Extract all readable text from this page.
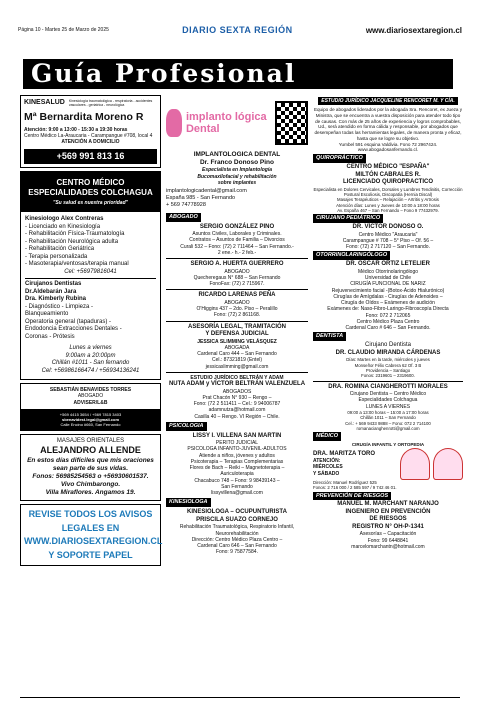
Página 10 - Martes 25 de Marzo de 2025	DIARIO SEXTA REGIÓN	www.diariosextaregion.cl
Guía Profesional
KINESALUD Kinesiología traumatológica - respiratoria - accidentes vasculares - geriatrica - neurológica
Mª Bernardita Moreno R
Atención: 9:00 a 13:00 - 15:30 a 19:30 horas
Centro Médico La-Araucaria - Carampangue #708, local 4
ATENCIÓN A DOMICILIO
+569 991 813 16
CENTRO MÉDICO ESPECIALIDADES COLCHAGUA
"Su salud es nuestra prioridad"
Kinesiologo Alex Contreras
- Licenciado en Kinesiología
- Rehabilitación Física-Traumatología
- Rehabilitación Neurológica adulta
- Rehabilitación Geriátrica
- Terapia personalizada
- Masoterapia/ventosas/terapia manual
Cel: +56979816041
Cirujanos Dentistas
Dr.Aldebarán Jara
Dra. Kimberly Rubina
- Diagnóstico - Limpieza -
Blanqueamiento
Operatoria general (tapaduras) -
Endodoncia Extracciones Dentales -
Coronas - Prótesis
Lunes a viernes
9:00am a 20:00pm
Chillán #1011 - San fernando
Cel: +56986166474 / +56934136241
SEBASTIÁN BENAVIDES TORRES
ABOGADO
ADVISER/L&B
+569 4415 3654 / +569 7815 3403
sbenavidest.legal@gmail.com
Calle Encino #660, San Fernando
MASAJES ORIENTALES
ALEJANDRO ALLENDE
En estos días difíciles que mis oraciones sean parte de sus vidas.
Fonos: 56985254563 o +56930601537.
Vivo Chimbarongo.
Villa Miraflores. Angamos 19.
REVISE TODOS LOS AVISOS LEGALES EN WWW.DIARIOSEXTAREGION.CL Y SOPORTE PAPEL
implanto lógica Dental
IMPLANTOLOGICA DENTAL
Dr. Franco Donoso Pino
Especialista en Implantología
Bucomaxilofacial y rehabilitación
sobre implantes
implantologicadental@gmail.com
España 985 - San Fernando
+ 569 74778928
ABOGADO
SERGIO GONZÁLEZ PINO
Asuntos Civiles, Laborales y Criminales.
Contratos – Asuntos de Familia – Divorcios
Curali 532 – Fono: (72) 2 711464 – San Fernando.-
2 ene.- h.- 2 feb.-
SERGIO A. HUERTA GUERRERO
ABOGADO
Quecheregaus N° 688 – San Fernando
FonoFax: (72) 2 715967.
RICARDO LARENAS PEÑA
ABOGADO
O'Higgins 437 – 2do. Piso – Peralillo
Fono: (72) 2 861168.
ASESORÍA LEGAL, TRAMITACIÓN
Y DEFENSA JUDICIAL
JESSICA SLIMMING VELÁSQUEZ
ABOGADA
Cardenal Caro 444 – San Fernando
Cel.: 87321819 (Entel)
jessicaslimming@gmail.com
ESTUDIO JURÍDICO BELTRÁN Y ADAM
NUTA ADAM y VÍCTOR BELTRÁN VALENZUELA
ABOGADOS
Prat Chacón N° 930 – Rengo –
Fono: (72 2 511411 – Cel.: 9 94006787
adamnutza@hotmail.com
Casilla 40 – Rengo. VI Región – Chile.
PSICOLOGIA
LISSY I. VILLENA SAN MARTIN
PERITO JUDICIAL
PSICOLOGA INFANTO-JUVENIL-ADULTOS
Atiende a niños, jóvenes y adultos
Psicoterapia – Terapias Complementarias
Flores de Bach – Reiki – Magnetoterapia –
Auriculoterapia
Chacabuco 748 – Fono: 9 98439143 –
San Fernando
lissyvillena@gmail.com
KINESIOLOGA
KINESIOLOGA – OCUPUNTURISTA
PRISCILA SUAZO CORNEJO
Rehabilitación Traumatológica, Respiratorio Infantil,
Neurorehabilitación
Dirección: Centro Médico Plaza Centro –
Cardenal Caro 646 – San Fernando
Fono: 9 75877584.
ESTUDIO JURÍDICO JACQUELINE RENCORET M. Y CÍA.
Equipo de abogados liderados por la abogada Sra. Rencoret, ex Jueza y Ministra, que se encuentra a vuestra disposición para atender todo tipo de causas. Con más de 25 años de experiencia y logros comprobables, Ud., será atendido en forma cálida y responsable, por abogados que desempeñan todas las herramientas legales, de manera pronta y eficaz, hasta que se logre su objetivo.
Yumbel 591 esquina Valdivia. Fono 72 2967424.
www.abogadosanfernando.cl.
QUIROPRÁCTICO
CENTRO MÉDICO "ESPAÑA"
MILTÓN CABRALES R.
LICENCIADO QUIROPRACTICO
Especialista en Dolores Cervicales, Dorsales y Lumbres Tendinitis, Corrección Postural Escoliosis, Discopatía (Hernia Discal)
Masajes Terapéuticos – Relajación – Artritis y Artrosis
Atención días: Lunes y Jueves de 10:00 a 18:00 horas
Av. España 467 – San Fernando – Fono 9 77432979.
CIRUJANO PEDIÁTRICO
DR. VÍCTOR DONOSO O.
Centro Médico "Araucaria"
Carampangue # 708 – 5° Piso – Of. 56 –
Fono: (72) 2 717120 – San Fernando.
OTORRINOLARINGÓLOGO
DR. ÓSCAR ORTIZ LETELIER
Médico Otorrinolaringólogo
Universidad de Chile
CIRUGÍA FUNCIONAL DE NARIZ
Rejuvenecimiento facial -(Botox-Ácido Hialurónico)
Cirugías de Amígdalas - Cirugías de Adenoides –
Cirugía de Oídos – Exámenes de audición
Exámenes de: Naso-Fibro-Laringo-Fibroscopía Directa
Fono: 072 2 712065
Centro Médico Plaza Centro
Cardenal Caro # 646 – San Fernando.
DENTISTA
Cirujano Dentista
DR. CLAUDIO MIRANDA CÁRDENAS
Días: Martes en la tarde, miércoles y jueves
Monseñor Félix Cabrera 62 Of. 3 B
Providencia – Santiago
Fonos: 2319601 – 2319600.
DRA. ROMINA CIANGHEROTTI MORALES
Cirujano Dentista – Centro Médico
Especialidades Colchagua
LUNES A VIERNES
09:00 a 13:00 horas – 15:00 a 17:00 horas
Chillán 1011 – San Fernando
Cel.: + 569 9433 9888 – Fono: 072 2 714100
romanacianghenrotti@gmail.com
MÉDICO
CIRUGÍA INFANTIL Y ORTOPEDIA
DRA. MARITZA TORO
ATENCIÓN:
MIÉRCOLES
Y SÁBADO
Dirección: Manuel Rodríguez 525
Fonos: 2 716 000 / 2 585 597 / 9 742 46 01.
PREVENCIÓN DE RIESGOS
MANUEL M. MARCHANT NARANJO
INGENIERO EN PREVENCIÓN
DE RIESGOS
REGISTRO N° OH-P-1341
Asesorías – Capacitación
Fono: 99 6448841
marcelomarchantn@hotmail.com
